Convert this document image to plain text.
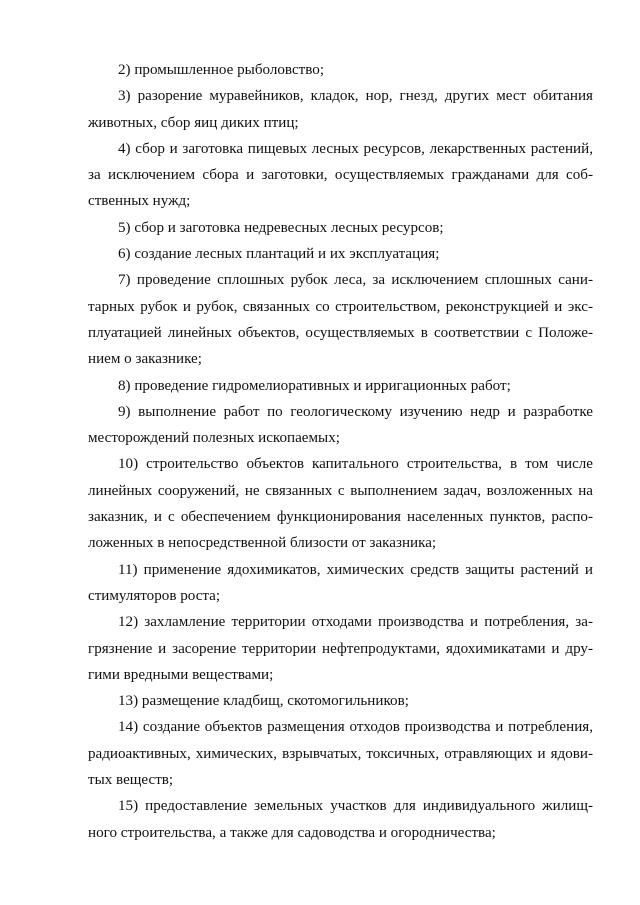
2) промышленное рыболовство;

3) разорение муравейников, кладок, нор, гнезд, других мест обитания животных, сбор яиц диких птиц;

4) сбор и заготовка пищевых лесных ресурсов, лекарственных растений, за исключением сбора и заготовки, осуществляемых гражданами для собственных нужд;

5) сбор и заготовка недревесных лесных ресурсов;

6) создание лесных плантаций и их эксплуатация;

7) проведение сплошных рубок леса, за исключением сплошных санитарных рубок и рубок, связанных со строительством, реконструкцией и эксплуатацией линейных объектов, осуществляемых в соответствии с Положением о заказнике;

8) проведение гидромелиоративных и ирригационных работ;

9) выполнение работ по геологическому изучению недр и разработке месторождений полезных ископаемых;

10) строительство объектов капитального строительства, в том числе линейных сооружений, не связанных с выполнением задач, возложенных на заказник, и с обеспечением функционирования населенных пунктов, расположенных в непосредственной близости от заказника;

11) применение ядохимикатов, химических средств защиты растений и стимуляторов роста;

12) захламление территории отходами производства и потребления, загрязнение и засорение территории нефтепродуктами, ядохимикатами и другими вредными веществами;

13) размещение кладбищ, скотомогильников;

14) создание объектов размещения отходов производства и потребления, радиоактивных, химических, взрывчатых, токсичных, отравляющих и ядовитых веществ;

15) предоставление земельных участков для индивидуального жилищного строительства, а также для садоводства и огородничества;
